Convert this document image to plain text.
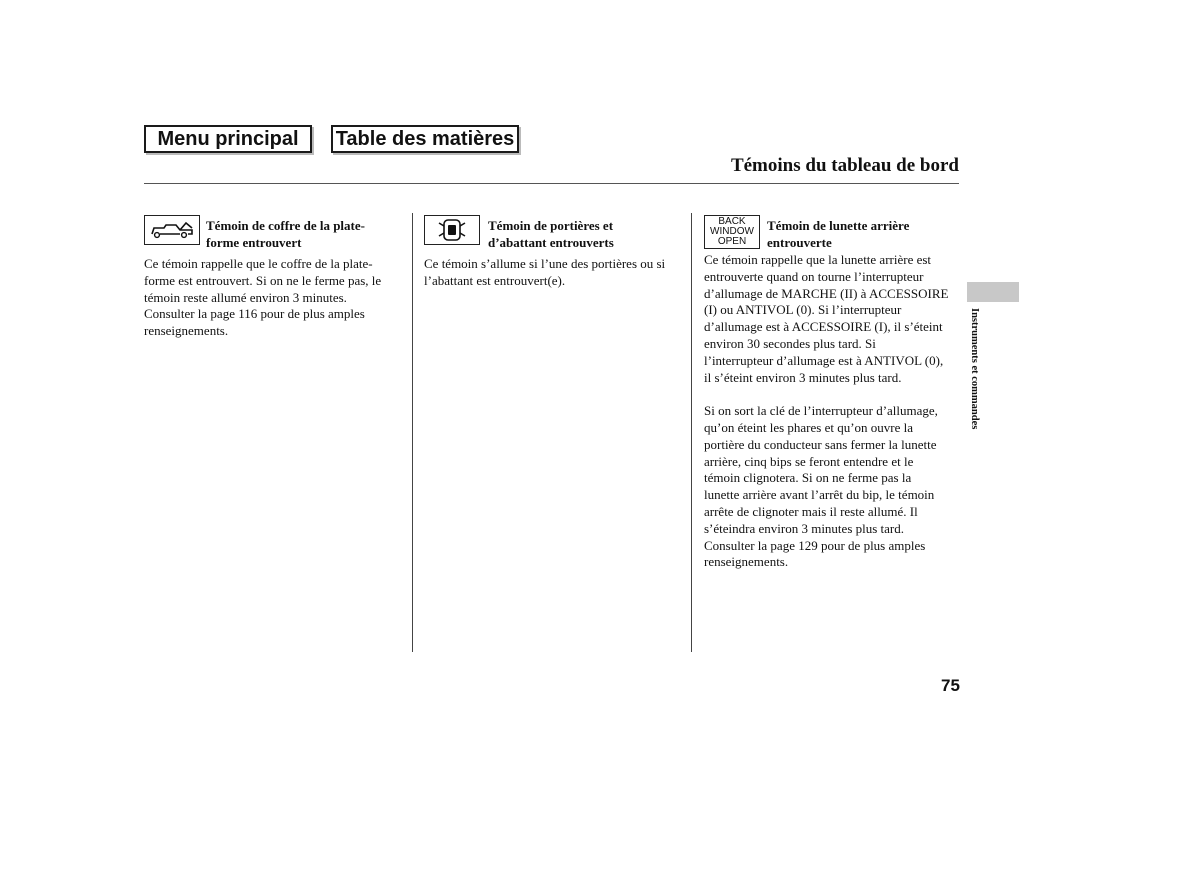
Menu principal	Table des matières
Témoins du tableau de bord
Témoin de coffre de la plate-
forme entrouvert

Ce témoin rappelle que le coffre de la plate-

forme est entrouvert. Si on ne le ferme pas, le

témoin reste allumé environ 3 minutes.

Consulter la page 116 pour de plus amples

renseignements.

Témoin de portières et
d’abattant entrouverts

Ce témoin s’allume si l’une des portières ou si

l’abattant est entrouvert(e).

BACK
WINDOW
OPEN
Témoin de lunette arrière
entrouverte

Ce témoin rappelle que la lunette arrière est

entrouverte quand on tourne l’interrupteur

d’allumage de MARCHE (II) à ACCESSOIRE

(I) ou ANTIVOL (0). Si l’interrupteur

d’allumage est à ACCESSOIRE (I), il s’éteint

environ 30 secondes plus tard. Si

l’interrupteur d’allumage est à ANTIVOL (0),

il s’éteint environ 3 minutes plus tard.

Si on sort la clé de l’interrupteur d’allumage,

qu’on éteint les phares et qu’on ouvre la

portière du conducteur sans fermer la lunette

arrière, cinq bips se feront entendre et le

témoin clignotera. Si on ne ferme pas la

lunette arrière avant l’arrêt du bip, le témoin

arrête de clignoter mais il reste allumé. Il

s’éteindra environ 3 minutes plus tard.

Consulter la page 129 pour de plus amples

renseignements.

Instruments et commandes
75
